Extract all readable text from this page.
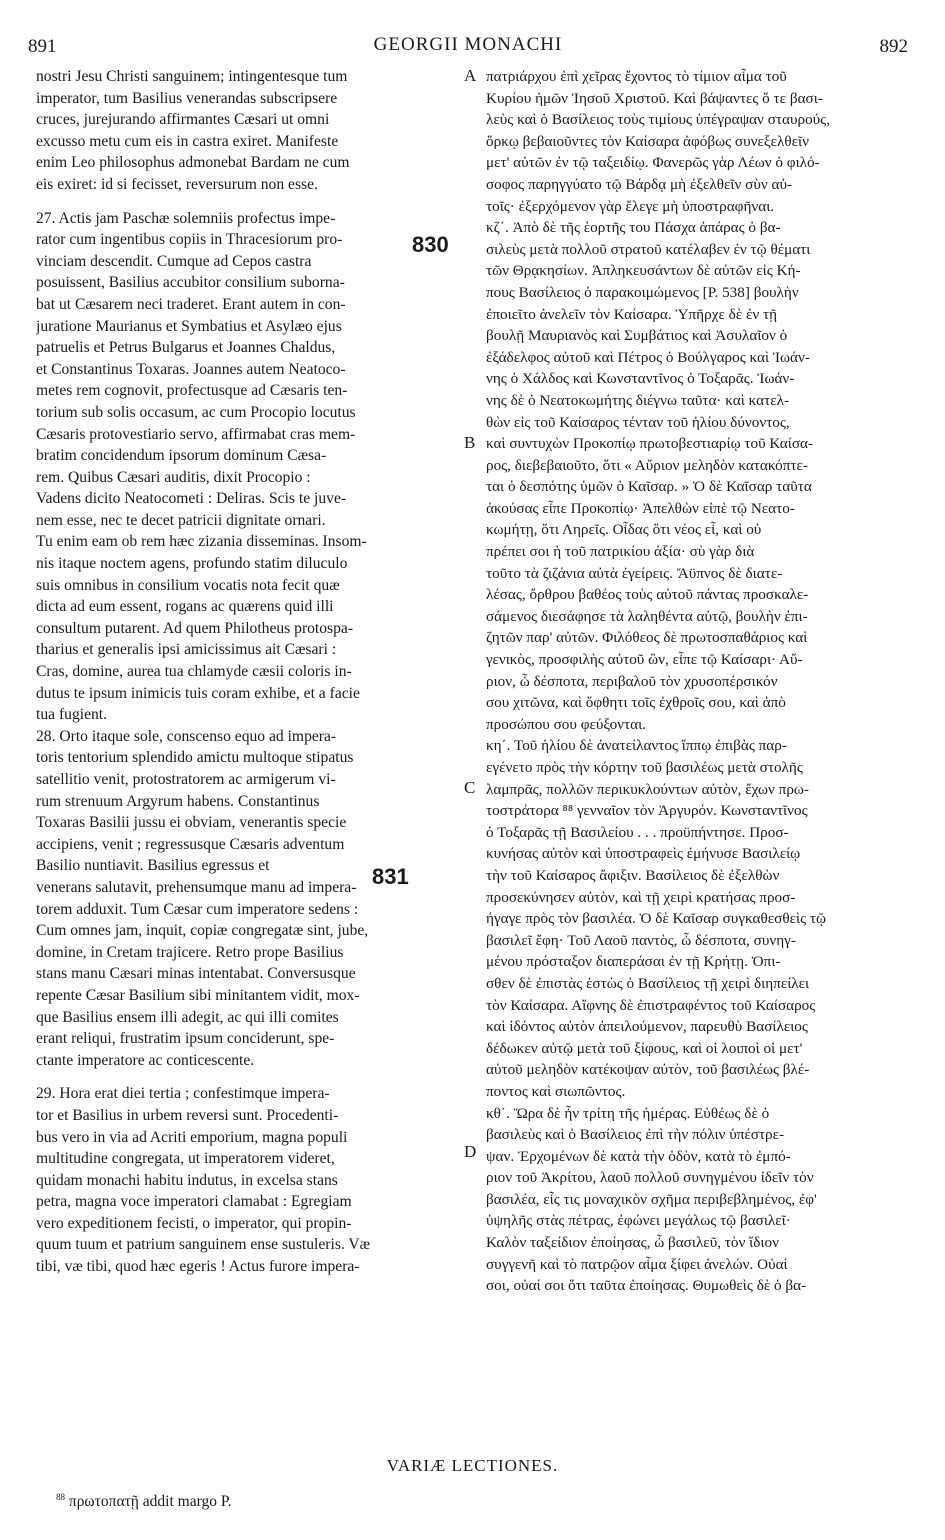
891	GEORGII MONACHI	892
nostri Jesu Christi sanguinem; intingentesque tum
imperator, tum Basilius venerandas subscripsere
cruces, jurejurando affirmantes Cæsari ut omni
excusso metu cum eis in castra exiret. Manifeste
enim Leo philosophus admonebat Bardam ne cum
eis exiret: id si fecisset, reversurum non esse.
27. Actis jam Paschæ solemniis profectus impe-
rator cum ingentibus copiis in Thracesiorum pro-
vinciam descendit. Cumque ad Cepos castra
posuissent, Basilius accubitor consilium suborna-
bat ut Cæsarem neci traderet. Erant autem in con-
juratione Maurianus et Symbatius et Asylæo ejus
patruelis et Petrus Bulgarus et Joannes Chaldus,
et Constantinus Toxaras. Joannes autem Neatoco-
metes rem cognovit, profectusque ad Cæsaris ten-
torium sub solis occasum, ac cum Procopio locutus
Cæsaris protovestiario servo, affirmabat cras mem-
bratim concidendum ipsorum dominum Cæsa-
rem. Quibus Cæsari auditis, dixit Procopio :
Vadens dicito Neatocometi : Deliras. Scis te juve-
nem esse, nec te decet patricii dignitate ornari.
Tu enim eam ob rem hæc zizania disseminas. Insom-
nis itaque noctem agens, profundo statim diluculo
suis omnibus in consilium vocatis nota fecit quæ
dicta ad eum essent, rogans ac quærens quid illi
consultum putarent. Ad quem Philotheus protospa-
tharius et generalis ipsi amicissimus ait Cæsari :
Cras, domine, aurea tua chlamyde cæsii coloris in-
dutus te ipsum inimicis tuis coram exhibe, et a facie
tua fugient.
28. Orto itaque sole, conscenso equo ad impera-
toris tentorium splendido amictu multoque stipatus
satellitio venit, protostratorem ac armigerum vi-
rum strenuum Argyrum habens. Constantinus
Toxaras Basilii jussu ei obviam, venerantis specie
accipiens, venit ; regressusque Cæsaris adventum
Basilio nuntiavit. Basilius egressus et
venerans salutavit, prehensumque manu ad impera-
torem adduxit. Tum Cæsar cum imperatore sedens :
Cum omnes jam, inquit, copiæ congregatæ sint, jube,
domine, in Cretam trajicere. Retro prope Basilius
stans manu Cæsari minas intentabat. Conversusque
repente Cæsar Basilium sibi minitantem vidit, mox-
que Basilius ensem illi adegit, ac qui illi comites
erant reliqui, frustratim ipsum conciderunt, spe-
ctante imperatore ac conticescente.
29. Hora erat diei tertia ; confestimque impera-
tor et Basilius in urbem reversi sunt. Procedenti-
bus vero in via ad Acriti emporium, magna populi
multitudine congregata, ut imperatorem videret,
quidam monachi habitu indutus, in excelsa stans
petra, magna voce imperatori clamabat : Egregiam
vero expeditionem fecisti, o imperator, qui propin-
quum tuum et patrium sanguinem ense sustuleris. Væ
tibi, væ tibi, quod hæc egeris ! Actus furore impera-
πατριάρχου ἐπὶ χεῖρας ἔχοντος τὸ τίμιον αἷμα τοῦ
Κυρίου ἡμῶν Ἰησοῦ Χριστοῦ. Καὶ βάψαντες ὅ τε βασι-
λεὺς καὶ ὁ Βασίλειος τοὺς τιμίους ὑπέγραψαν σταυρούς,
ὅρκῳ βεβαιοῦντες τὸν Καίσαρα ἀφόβως συνεξελθεῖν
μετ' αὐτῶν ἐν τῷ ταξειδίῳ. Φανερῶς γὰρ Λέων ὁ φιλό-
σοφος παρηγγύατο τῷ Βάρδᾳ μὴ ἐξελθεῖν σὺν αὐ-
τοῖς· ἐξερχόμενον γὰρ ἔλεγε μὴ ὑποστραφῆναι.
κζ΄. Ἀπὸ δὲ τῆς ἑορτῆς του Πάσχα ἀπάρας ὁ βα-
σιλεὺς μετὰ πολλοῦ στρατοῦ κατέλαβεν ἐν τῷ θέματι
τῶν Θρᾳκησίων. Ἀπληκευσάντων δὲ αὐτῶν εἰς Κή-
πους Βασίλειος ὁ παρακοιμώμενος [P. 538] βουλὴν
ἐποιεῖτο ἀνελεῖν τὸν Καίσαρα. Ὑπῆρχε δὲ ἐν τῇ
βουλῇ Μαυριανὸς καὶ Συμβάτιος καὶ Ἀσυλαῖον ὁ
ἐξάδελφος αὐτοῦ καὶ Πέτρος ὁ Βούλγαρος καὶ Ἰωάν-
νης ὁ Χάλδος καὶ Κωνσταντῖνος ὁ Τοξαρᾶς. Ἰωάν-
νης δὲ ὁ Νεατοκωμήτης διέγνω ταῦτα· καὶ κατελ-
θὼν εἰς τοῦ Καίσαρος τένταν τοῦ ἡλίου δύνοντος,
καὶ συντυχὼν Προκοπίῳ πρωτοβεστιαρίῳ τοῦ Καίσα-
ρος, διεβεβαιοῦτο, ὅτι « Αὔριον μεληδὸν κατακόπτε-
ται ὁ δεσπότης ὑμῶν ὁ Καῖσαρ. » Ὁ δὲ Καῖσαρ ταῦτα
ἀκούσας εἶπε Προκοπίῳ· Ἀπελθὼν εἰπὲ τῷ Νεατο-
κωμήτῃ, ὅτι Ληρεῖς. Οἶδας ὅτι νέος εἶ, καὶ οὐ
πρέπει σοι ἡ τοῦ πατρικίου ἀξία· σὺ γὰρ διὰ
τοῦτο τὰ ζιζάνια αὐτὰ ἐγείρεις. Ἄϋπνος δὲ διατε-
λέσας, ὄρθρου βαθέος τοὺς αὐτοῦ πάντας προσκαλε-
σάμενος διεσάφησε τὰ λαληθέντα αὐτῷ, βουλὴν ἐπι-
ζητῶν παρ' αὐτῶν. Φιλόθεος δὲ πρωτοσπαθάριος καὶ
γενικὸς, προσφιλὴς αὐτοῦ ὢν, εἶπε τῷ Καίσαρι· Αὔ-
ριον, ὦ δέσποτα, περιβαλοῦ τὸν χρυσοπέρσικόν
σου χιτῶνα, καὶ ὄφθητι τοῖς ἐχθροῖς σου, καὶ ἀπὸ
προσώπου σου φεύξονται.
κη΄. Τοῦ ἡλίου δὲ ἀνατείλαντος ἵππῳ ἐπιβὰς παρ-
εγένετο πρὸς τὴν κόρτην τοῦ βασιλέως μετὰ στολῆς
λαμπρᾶς, πολλῶν περικυκλούντων αὐτὸν, ἔχων πρω-
τοστράτορα ⁸⁸ γενναῖον τὸν Ἀργυρόν. Κωνσταντῖνος
ὁ Τοξαρᾶς τῇ Βασιλείου . . . προϋπήντησε. Προσ-
κυνήσας αὐτὸν καὶ ὑποστραφεὶς ἐμήνυσε Βασιλείῳ
τὴν τοῦ Καίσαρος ἄφιξιν. Βασίλειος δὲ ἐξελθὼν
προσεκύνησεν αὐτὸν, καὶ τῇ χειρὶ κρατήσας προσ-
ήγαγε πρὸς τὸν βασιλέα. Ὁ δὲ Καῖσαρ συγκαθεσθεὶς τῷ
βασιλεῖ ἔφη· Τοῦ Λαοῦ παντὸς, ὦ δέσποτα, συνηγ-
μένου πρόσταξον διαπεράσαι ἐν τῇ Κρήτῃ. Ὀπι-
σθεν δὲ ἐπιστὰς ἑστὼς ὁ Βασίλειος τῇ χειρὶ διηπείλει
τὸν Καίσαρα. Αἴφνης δὲ ἐπιστραφέντος τοῦ Καίσαρος
καὶ ἰδόντος αὐτὸν ἀπειλούμενον, παρευθὺ Βασίλειος
δέδωκεν αὐτῷ μετὰ τοῦ ξίφους, καὶ οἱ λοιποὶ οἱ μετ'
αὐτοῦ μεληδὸν κατέκοψαν αὐτὸν, τοῦ βασιλέως βλέ-
ποντος καὶ σιωπῶντος.
κθ΄. Ὥρα δὲ ἦν τρίτη τῆς ἡμέρας. Εὐθέως δὲ ὁ
βασιλεὺς καὶ ὁ Βασίλειος ἐπὶ τὴν πόλιν ὑπέστρε-
ψαν. Ἐρχομένων δὲ κατὰ τὴν ὁδὸν, κατὰ τὸ ἐμπό-
ριον τοῦ Ἀκρίτου, λαοῦ πολλοῦ συνηγμένου ἰδεῖν τὸν
βασιλέα, εἷς τις μοναχικὸν σχῆμα περιβεβλημένος, ἐφ'
ὑψηλῆς στὰς πέτρας, ἐφώνει μεγάλως τῷ βασιλεῖ·
Καλὸν ταξείδιον ἐποίησας, ὦ βασιλεῦ, τὸν ἴδιον
συγγενῆ καὶ τὸ πατρῷον αἷμα ξίφει ἀνελών. Οὐαί
σοι, οὐαί σοι ὅτι ταῦτα ἐποίησας. Θυμωθεὶς δὲ ὁ βα-
A
B
C
D
830
831
VARIÆ LECTIONES.
$^{88}$ πρωτοπατῇ addit margo P.
